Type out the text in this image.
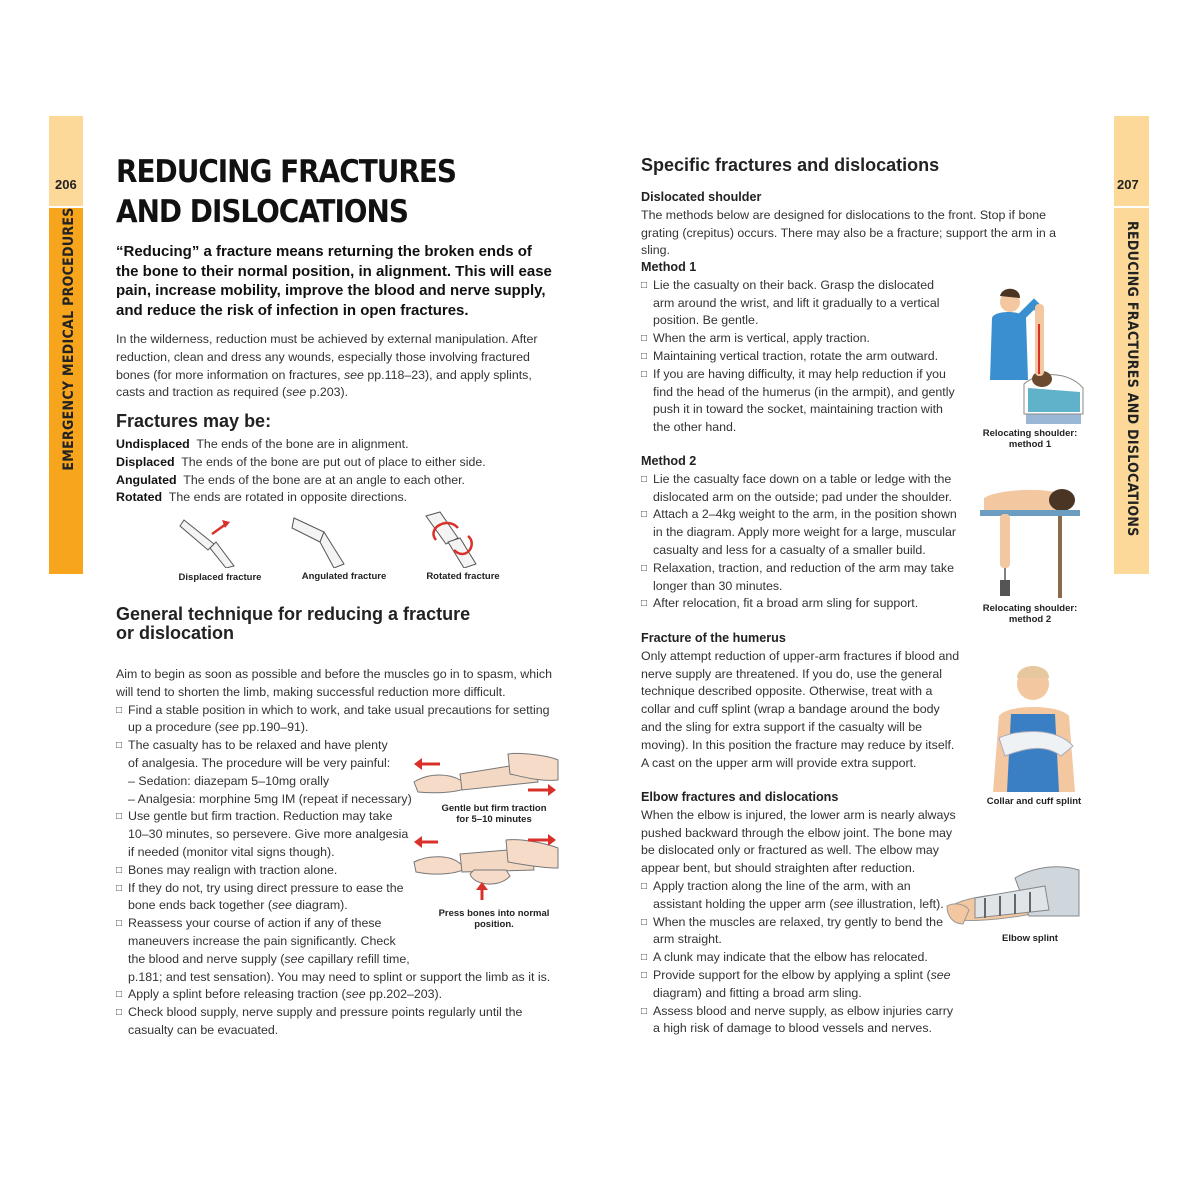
206
EMERGENCY MEDICAL PROCEDURES
REDUCING FRACTURES
AND DISLOCATIONS
“Reducing” a fracture means returning the broken ends of the bone to their normal position, in alignment. This will ease pain, increase mobility, improve the blood and nerve supply, and reduce the risk of infection in open fractures.
In the wilderness, reduction must be achieved by external manipulation. After reduction, clean and dress any wounds, especially those involving fractured bones (for more information on fractures, see pp.118–23), and apply splints, casts and traction as required (see p.203).
Fractures may be:
Undisplaced The ends of the bone are in alignment.
Displaced The ends of the bone are put out of place to either side.
Angulated The ends of the bone are at an angle to each other.
Rotated The ends are rotated in opposite directions.
Displaced fracture	Angulated fracture	Rotated fracture
General technique for reducing a fracture
or dislocation
Aim to begin as soon as possible and before the muscles go in to spasm, which will tend to shorten the limb, making successful reduction more difficult.
□ Find a stable position in which to work, and take usual precautions for setting up a procedure (see pp.190–91).
□ The casualty has to be relaxed and have plenty
of analgesia. The procedure will be very painful:
– Sedation: diazepam 5–10mg orally
– Analgesia: morphine 5mg IM (repeat if necessary)
□ Use gentle but firm traction. Reduction may take
10–30 minutes, so persevere. Give more analgesia
if needed (monitor vital signs though).
□ Bones may realign with traction alone.
□ If they do not, try using direct pressure to ease the
bone ends back together (see diagram).
□ Reassess your course of action if any of these
maneuvers increase the pain significantly. Check
the blood and nerve supply (see capillary refill time,
p.181; and test sensation). You may need to splint or support the limb as it is.
□ Apply a splint before releasing traction (see pp.202–203).
□ Check blood supply, nerve supply and pressure points regularly until the
casualty can be evacuated.
Gentle but firm traction
for 5–10 minutes
Press bones into normal
position.
207
REDUCING FRACTURES AND DISLOCATIONS
Specific fractures and dislocations
Dislocated shoulder
The methods below are designed for dislocations to the front. Stop if bone grating (crepitus) occurs. There may also be a fracture; support the arm in a sling.
Method 1
□ Lie the casualty on their back. Grasp the dislocated arm around the wrist, and lift it gradually to a vertical position. Be gentle.
□ When the arm is vertical, apply traction.
□ Maintaining vertical traction, rotate the arm outward.
□ If you are having difficulty, it may help reduction if you find the head of the humerus (in the armpit), and gently push it in toward the socket, maintaining traction with the other hand.
Method 2
□ Lie the casualty face down on a table or ledge with the dislocated arm on the outside; pad under the shoulder.
□ Attach a 2–4kg weight to the arm, in the position shown in the diagram. Apply more weight for a large, muscular casualty and less for a casualty of a smaller build.
□ Relaxation, traction, and reduction of the arm may take longer than 30 minutes.
□ After relocation, fit a broad arm sling for support.
Fracture of the humerus
Only attempt reduction of upper-arm fractures if blood and nerve supply are threatened. If you do, use the general technique described opposite. Otherwise, treat with a collar and cuff splint (wrap a bandage around the body and the sling for extra support if the casualty will be moving). In this position the fracture may reduce by itself. A cast on the upper arm will provide extra support.
Elbow fractures and dislocations
When the elbow is injured, the lower arm is nearly always pushed backward through the elbow joint. The bone may be dislocated only or fractured as well. The elbow may appear bent, but should straighten after reduction.
□ Apply traction along the line of the arm, with an assistant holding the upper arm (see illustration, left).
□ When the muscles are relaxed, try gently to bend the arm straight.
□ A clunk may indicate that the elbow has relocated.
□ Provide support for the elbow by applying a splint (see diagram) and fitting a broad arm sling.
□ Assess blood and nerve supply, as elbow injuries carry a high risk of damage to blood vessels and nerves.
Relocating shoulder:
method 1
Relocating shoulder:
method 2
Collar and cuff splint
Elbow splint
